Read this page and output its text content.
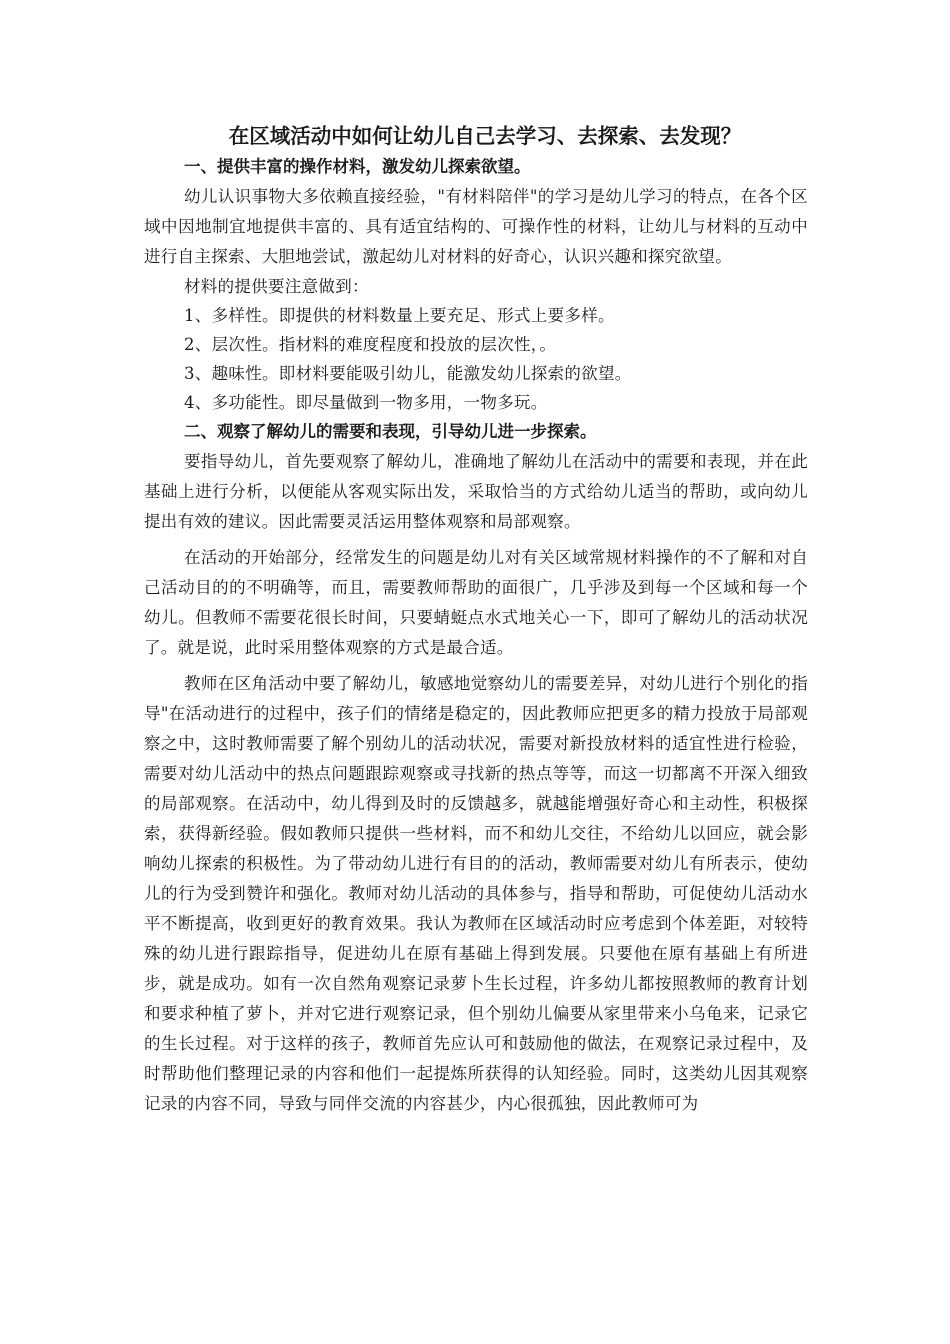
在区域活动中如何让幼儿自己去学习、去探索、去发现？
一、提供丰富的操作材料，激发幼儿探索欲望。

幼儿认识事物大多依赖直接经验，"有材料陪伴"的学习是幼儿学习的特点，在各个区域中因地制宜地提供丰富的、具有适宜结构的、可操作性的材料，让幼儿与材料的互动中进行自主探索、大胆地尝试，激起幼儿对材料的好奇心，认识兴趣和探究欲望。

材料的提供要注意做到：
1、多样性。即提供的材料数量上要充足、形式上要多样。
2、层次性。指材料的难度程度和投放的层次性，。
3、趣味性。即材料要能吸引幼儿，能激发幼儿探索的欲望。
4、多功能性。即尽量做到一物多用，一物多玩。
二、观察了解幼儿的需要和表现，引导幼儿进一步探索。

要指导幼儿，首先要观察了解幼儿，准确地了解幼儿在活动中的需要和表现，并在此基础上进行分析，以便能从客观实际出发，采取恰当的方式给幼儿适当的帮助，或向幼儿提出有效的建议。因此需要灵活运用整体观察和局部观察。

在活动的开始部分，经常发生的问题是幼儿对有关区域常规材料操作的不了解和对自己活动目的的不明确等，而且，需要教师帮助的面很广，几乎涉及到每一个区域和每一个幼儿。但教师不需要花很长时间，只要蜻蜓点水式地关心一下，即可了解幼儿的活动状况了。就是说，此时采用整体观察的方式是最合适。

教师在区角活动中要了解幼儿，敏感地觉察幼儿的需要差异，对幼儿进行个别化的指导"在活动进行的过程中，孩子们的情绪是稳定的，因此教师应把更多的精力投放于局部观察之中，这时教师需要了解个别幼儿的活动状况，需要对新投放材料的适宜性进行检验，需要对幼儿活动中的热点问题跟踪观察或寻找新的热点等等，而这一切都离不开深入细致的局部观察。在活动中，幼儿得到及时的反馈越多，就越能增强好奇心和主动性，积极探索，获得新经验。假如教师只提供一些材料，而不和幼儿交往，不给幼儿以回应，就会影响幼儿探索的积极性。为了带动幼儿进行有目的的活动，教师需要对幼儿有所表示，使幼儿的行为受到赞许和强化。教师对幼儿活动的具体参与，指导和帮助，可促使幼儿活动水平不断提高，收到更好的教育效果。我认为教师在区域活动时应考虑到个体差距，对较特殊的幼儿进行跟踪指导，促进幼儿在原有基础上得到发展。只要他在原有基础上有所进步，就是成功。如有一次自然角观察记录萝卜生长过程，许多幼儿都按照教师的教育计划和要求种植了萝卜，并对它进行观察记录，但个别幼儿偏要从家里带来小乌龟来，记录它的生长过程。对于这样的孩子，教师首先应认可和鼓励他的做法，在观察记录过程中，及时帮助他们整理记录的内容和他们一起提炼所获得的认知经验。同时，这类幼儿因其观察记录的内容不同，导致与同伴交流的内容甚少，内心很孤独，因此教师可为
